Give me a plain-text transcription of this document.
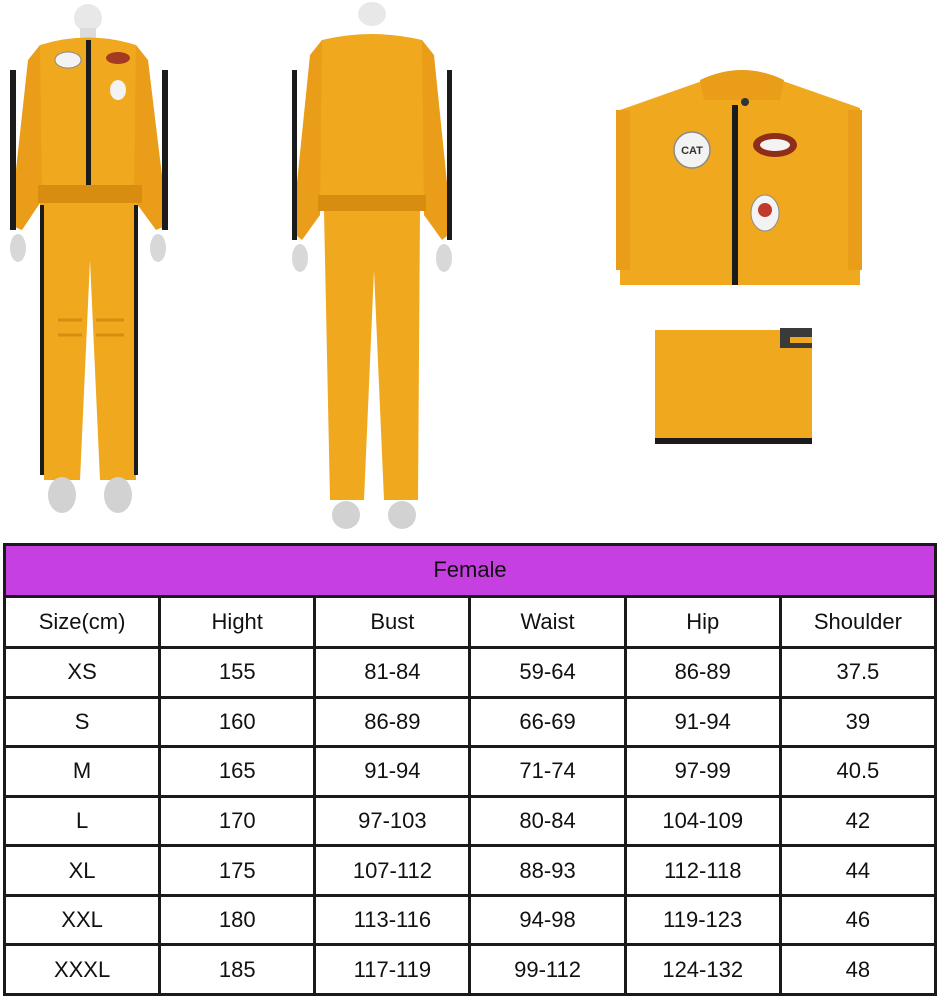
CAT
Female					
Size(cm)	Hight	Bust	Waist	Hip	Shoulder
XS	155	81-84	59-64	86-89	37.5
S	160	86-89	66-69	91-94	39
M	165	91-94	71-74	97-99	40.5
L	170	97-103	80-84	104-109	42
XL	175	107-112	88-93	112-118	44
XXL	180	113-116	94-98	119-123	46
XXXL	185	117-119	99-112	124-132	48
